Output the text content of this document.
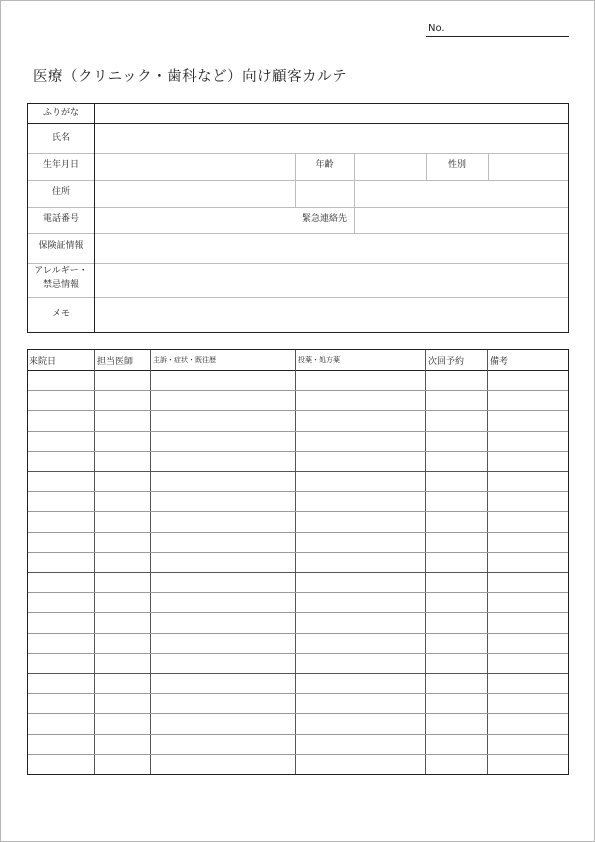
No.
医療（クリニック・歯科など）向け顧客カルテ
ふりがな
氏名
生年月日	年齢	性別
住所
電話番号	緊急連絡先
保険証情報
アレルギー・
禁忌情報
メモ
来院日	担当医師	主訴・症状・既往歴	投薬・処方薬	次回予約	備考
